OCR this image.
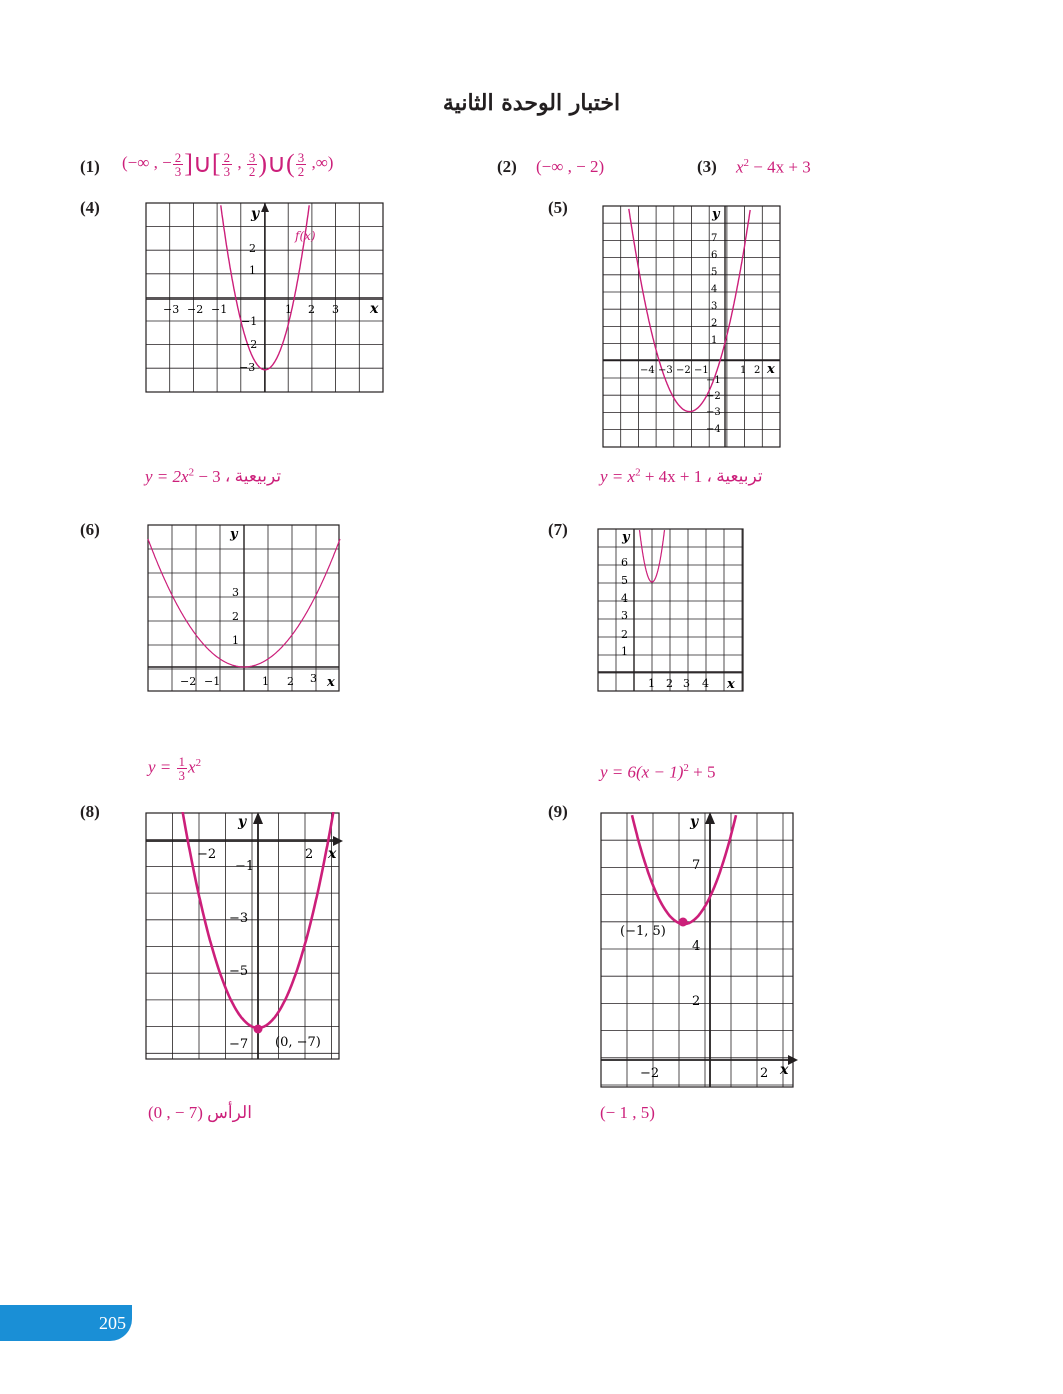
اختبار الوحدة الثانية
(1) (−∞ , − $\frac{2}{3}$ ]∪[ $\frac{2}{3}$ , $\frac{3}{2}$ )∪( $\frac{3}{2}$ ,∞)	(2) (−∞ , − 2)	(3) $x^2 - 4x + 3$
(4)	y
x
f(x)
−3 −2 −1	1 2 3
2
1
−1
−2
−3
تربيعية ، $y = 2x^2 - 3$
(5)	y
x
−4 −3 −2 −1	1 2
7
6
5
4
3
2
1
−1
−2
−3
−4
تربيعية ، $y = x^2 + 4x + 1$
(6)	y
x
−2 −1	1 2 3
3
2
1
$y = \frac{1}{3} x^2$
(7)	y
x
1 2 3 4
6
5
4
3
2
1
$y = 6(x - 1)^2 + 5$
(8)
y
x
(0, −7)
−2	2
−1
−3
−5
−7
الرأس (0 , − 7)
(9)
y
x
(−1, 5)
−2	2
7
4
2
(− 1 , 5)
205
